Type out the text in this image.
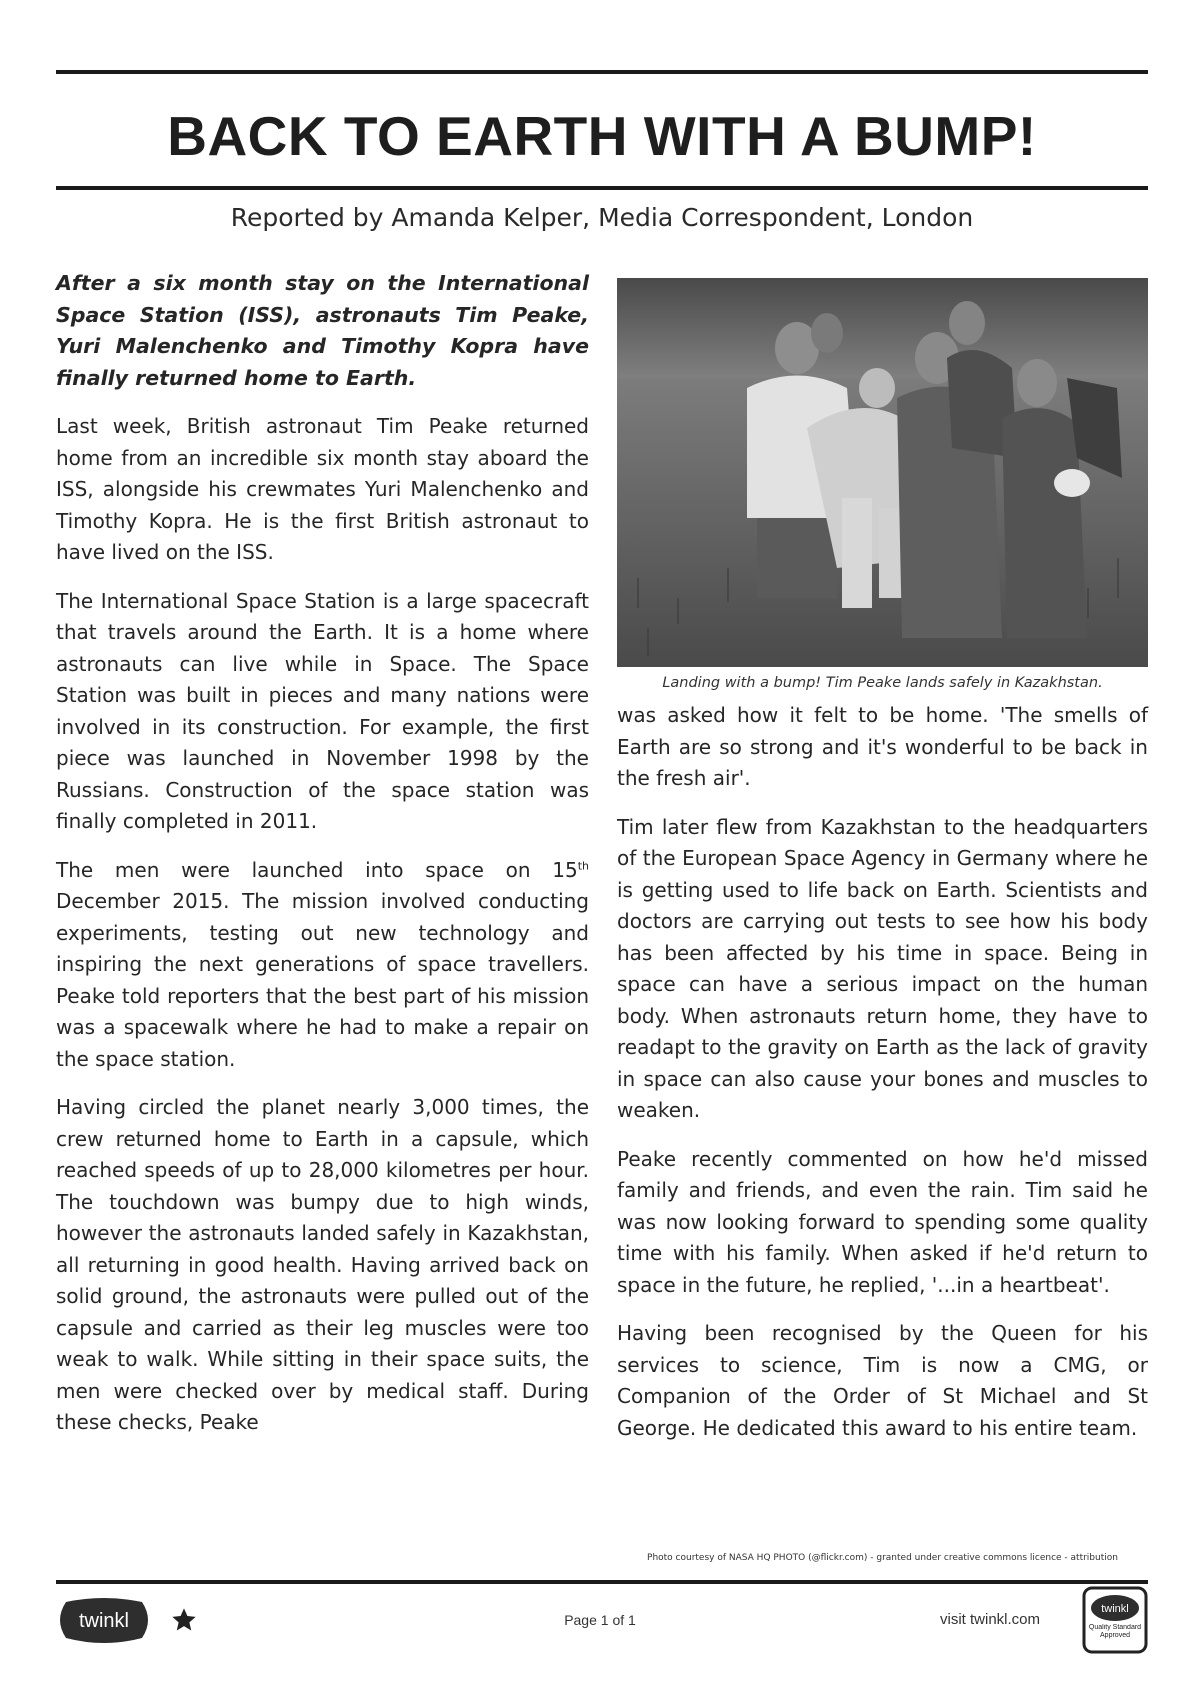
BACK TO EARTH WITH A BUMP!
Reported by Amanda Kelper, Media Correspondent, London

After a six month stay on the International Space Station (ISS), astronauts Tim Peake, Yuri Malenchenko and Timothy Kopra have finally returned home to Earth.

Last week, British astronaut Tim Peake returned home from an incredible six month stay aboard the ISS, alongside his crewmates Yuri Malenchenko and Timothy Kopra. He is the first British astronaut to have lived on the ISS.

The International Space Station is a large spacecraft that travels around the Earth. It is a home where astronauts can live while in Space. The Space Station was built in pieces and many nations were involved in its construction. For example, the first piece was launched in November 1998 by the Russians. Construction of the space station was finally completed in 2011.

The men were launched into space on 15th December 2015. The mission involved conducting experiments, testing out new technology and inspiring the next generations of space travellers. Peake told reporters that the best part of his mission was a spacewalk where he had to make a repair on the space station.

Having circled the planet nearly 3,000 times, the crew returned home to Earth in a capsule, which reached speeds of up to 28,000 kilometres per hour. The touchdown was bumpy due to high winds, however the astronauts landed safely in Kazakhstan, all returning in good health. Having arrived back on solid ground, the astronauts were pulled out of the capsule and carried as their leg muscles were too weak to walk. While sitting in their space suits, the men were checked over by medical staff. During these checks, Peake

Landing with a bump! Tim Peake lands safely in Kazakhstan.

was asked how it felt to be home. 'The smells of Earth are so strong and it's wonderful to be back in the fresh air'.

Tim later flew from Kazakhstan to the headquarters of the European Space Agency in Germany where he is getting used to life back on Earth. Scientists and doctors are carrying out tests to see how his body has been affected by his time in space. Being in space can have a serious impact on the human body. When astronauts return home, they have to readapt to the gravity on Earth as the lack of gravity in space can also cause your bones and muscles to weaken.

Peake recently commented on how he'd missed family and friends, and even the rain. Tim said he was now looking forward to spending some quality time with his family. When asked if he'd return to space in the future, he replied, '...in a heartbeat'.

Having been recognised by the Queen for his services to science, Tim is now a CMG, or Companion of the Order of St Michael and St George. He dedicated this award to his entire team.

Photo courtesy of NASA HQ PHOTO (@flickr.com) - granted under creative commons licence - attribution
twinkl	Page 1 of 1	visit twinkl.com
twinkl
Quality Standard Approved
